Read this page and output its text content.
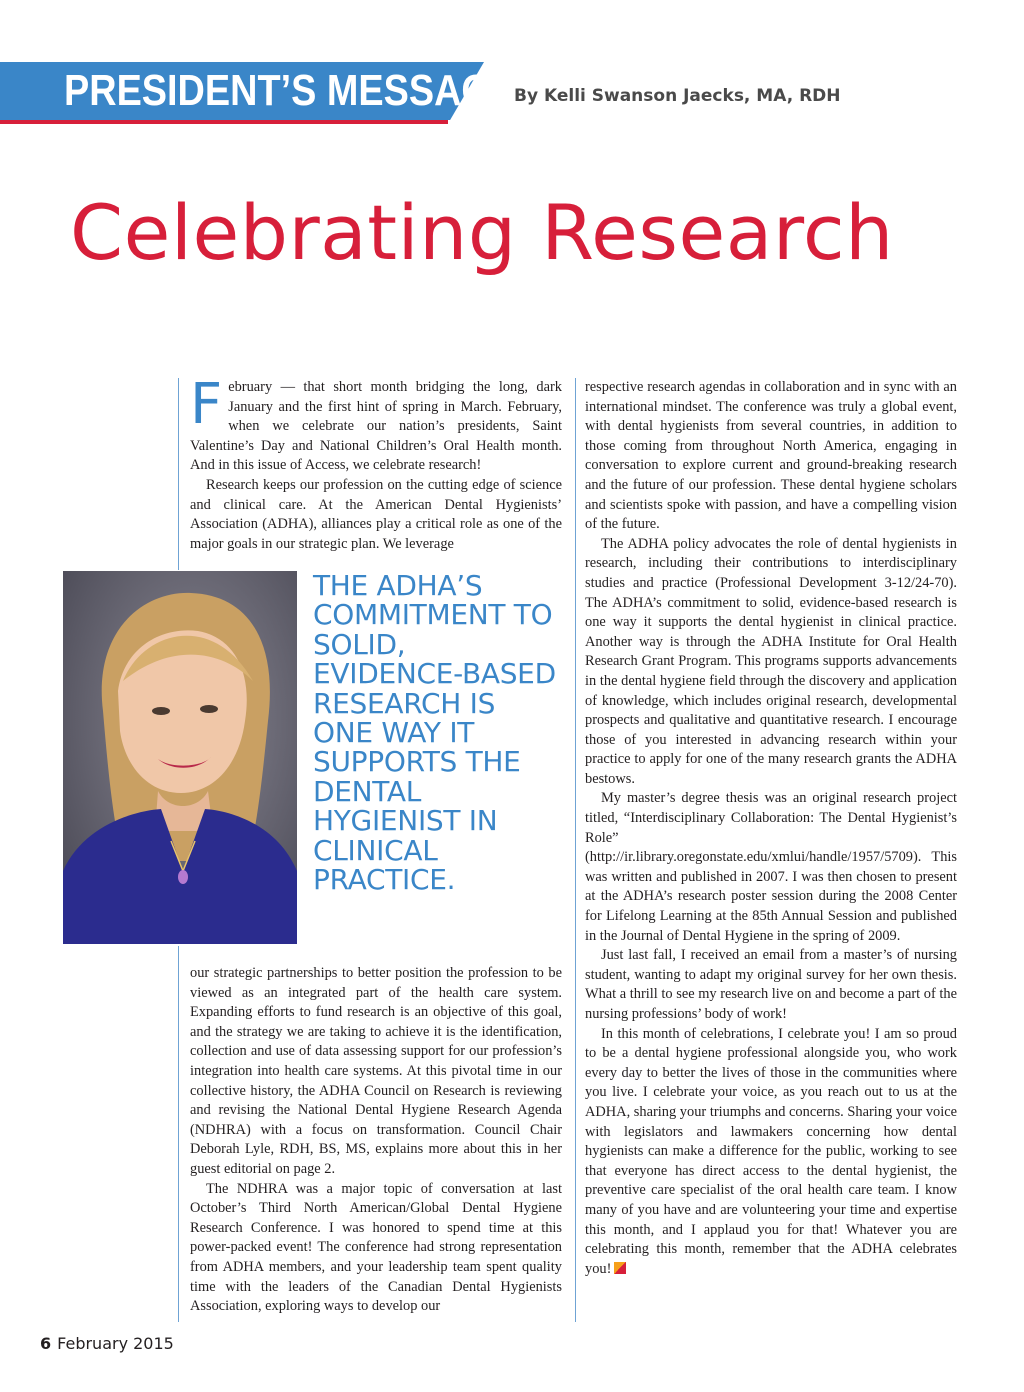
PRESIDENT’S MESSAGE
By Kelli Swanson Jaecks, MA, RDH
Celebrating Research

February — that short month bridging the long, dark January and the first hint of spring in March. February, when we celebrate our nation’s presidents, Saint Valentine’s Day and National Children’s Oral Health month. And in this issue of Access, we celebrate research!

Research keeps our profession on the cutting edge of science and clinical care. At the American Dental Hygienists’ Association (ADHA), alliances play a critical role as one of the major goals in our strategic plan. We leverage

THE ADHA’S COMMITMENT TO SOLID, EVIDENCE-BASED RESEARCH IS ONE WAY IT SUPPORTS THE DENTAL HYGIENIST IN CLINICAL PRACTICE.

our strategic partnerships to better position the profession to be viewed as an integrated part of the health care system. Expanding efforts to fund research is an objective of this goal, and the strategy we are taking to achieve it is the identification, collection and use of data assessing support for our profession’s integration into health care systems. At this pivotal time in our collective history, the ADHA Council on Research is reviewing and revising the National Dental Hygiene Research Agenda (NDHRA) with a focus on transformation. Council Chair Deborah Lyle, RDH, BS, MS, explains more about this in her guest editorial on page 2.

The NDHRA was a major topic of conversation at last October’s Third North American/Global Dental Hygiene Research Conference. I was honored to spend time at this power-packed event! The conference had strong representation from ADHA members, and your leadership team spent quality time with the leaders of the Canadian Dental Hygienists Association, exploring ways to develop our

respective research agendas in collaboration and in sync with an international mindset. The conference was truly a global event, with dental hygienists from several countries, in addition to those coming from throughout North America, engaging in conversation to explore current and ground-breaking research and the future of our profession. These dental hygiene scholars and scientists spoke with passion, and have a compelling vision of the future.

The ADHA policy advocates the role of dental hygienists in research, including their contributions to interdisciplinary studies and practice (Professional Development 3-12/24-70). The ADHA’s commitment to solid, evidence-based research is one way it supports the dental hygienist in clinical practice. Another way is through the ADHA Institute for Oral Health Research Grant Program. This programs supports advancements in the dental hygiene field through the discovery and application of knowledge, which includes original research, developmental prospects and qualitative and quantitative research. I encourage those of you interested in advancing research within your practice to apply for one of the many research grants the ADHA bestows.

My master’s degree thesis was an original research project titled, “Interdisciplinary Collaboration: The Dental Hygienist’s Role” (http://ir.library.oregonstate.edu/xmlui/handle/1957/5709). This was written and published in 2007. I was then chosen to present at the ADHA’s research poster session during the 2008 Center for Lifelong Learning at the 85th Annual Session and published in the Journal of Dental Hygiene in the spring of 2009.

Just last fall, I received an email from a master’s of nursing student, wanting to adapt my original survey for her own thesis. What a thrill to see my research live on and become a part of the nursing professions’ body of work!

In this month of celebrations, I celebrate you! I am so proud to be a dental hygiene professional alongside you, who work every day to better the lives of those in the communities where you live. I celebrate your voice, as you reach out to us at the ADHA, sharing your triumphs and concerns. Sharing your voice with legislators and lawmakers concerning how dental hygienists can make a difference for the public, working to see that everyone has direct access to the dental hygienist, the preventive care specialist of the oral health care team. I know many of you have and are volunteering your time and expertise this month, and I applaud you for that! Whatever you are celebrating this month, remember that the ADHA celebrates you!

6 February 2015
